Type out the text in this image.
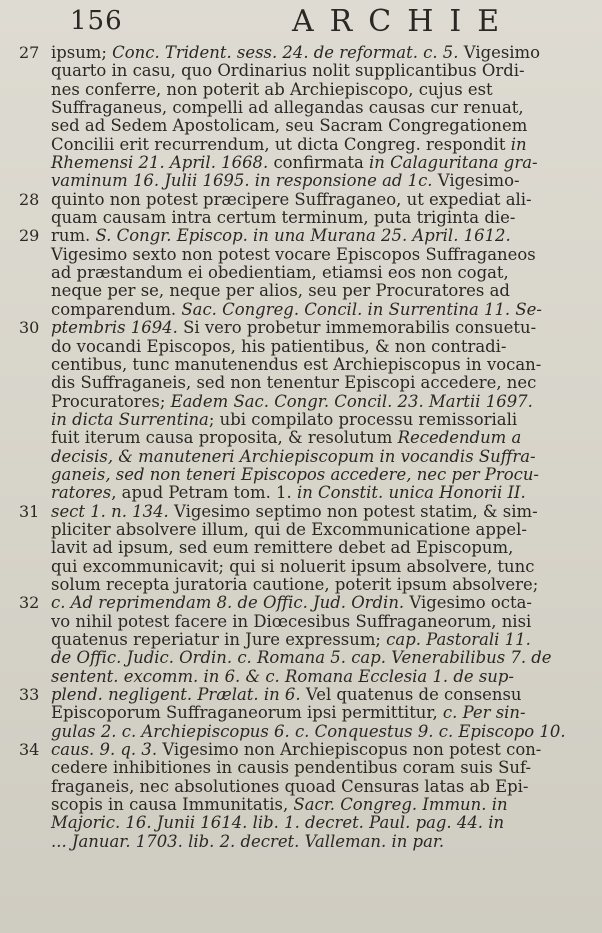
156	ARCHIE
27 ipsum; Conc. Trident. sess. 24. de reformat. c. 5. Vigesimo
quarto in casu, quo Ordinarius nolit supplicantibus Ordi-
nes conferre, non poterit ab Archiepiscopo, cujus est
Suffraganeus, compelli ad allegandas causas cur renuat,
sed ad Sedem Apostolicam, seu Sacram Congregationem
Concilii erit recurrendum, ut dicta Congreg. respondit in
Rhemensi 21. April. 1668. confirmata in Calaguritana gra-
vaminum 16. Julii 1695. in responsione ad 1c. Vigesimo-
28 quinto non potest præcipere Suffraganeo, ut expediat ali-
quam causam intra certum terminum, puta triginta die-
29 rum. S. Congr. Episcop. in una Murana 25. April. 1612.
Vigesimo sexto non potest vocare Episcopos Suffraganeos
ad præstandum ei obedientiam, etiamsi eos non cogat,
neque per se, neque per alios, seu per Procuratores ad
comparendum. Sac. Congreg. Concil. in Surrentina 11. Se-
30 ptembris 1694. Si vero probetur immemorabilis consuetu-
do vocandi Episcopos, his patientibus, & non contradi-
centibus, tunc manutenendus est Archiepiscopus in vocan-
dis Suffraganeis, sed non tenentur Episcopi accedere, nec
Procuratores; Eadem Sac. Congr. Concil. 23. Martii 1697.
in dicta Surrentina; ubi compilato processu remissoriali
fuit iterum causa proposita, & resolutum Recedendum a
decisis, & manuteneri Archiepiscopum in vocandis Suffra-
ganeis, sed non teneri Episcopos accedere, nec per Procu-
ratores, apud Petram tom. 1. in Constit. unica Honorii II.
31 sect 1. n. 134. Vigesimo septimo non potest statim, & sim-
pliciter absolvere illum, qui de Excommunicatione appel-
lavit ad ipsum, sed eum remittere debet ad Episcopum,
qui excommunicavit; qui si noluerit ipsum absolvere, tunc
solum recepta juratoria cautione, poterit ipsum absolvere;
32 c. Ad reprimendam 8. de Offic. Jud. Ordin. Vigesimo octa-
vo nihil potest facere in Diœcesibus Suffraganeorum, nisi
quatenus reperiatur in Jure expressum; cap. Pastorali 11.
de Offic. Judic. Ordin. c. Romana 5. cap. Venerabilibus 7. de
sentent. excomm. in 6. & c. Romana Ecclesia 1. de sup-
33 plend. negligent. Prælat. in 6. Vel quatenus de consensu
Episcoporum Suffraganeorum ipsi permittitur, c. Per sin-
gulas 2. c. Archiepiscopus 6. c. Conquestus 9. c. Episcopo 10.
34 caus. 9. q. 3. Vigesimo non Archiepiscopus non potest con-
cedere inhibitiones in causis pendentibus coram suis Suf-
fraganeis, nec absolutiones quoad Censuras latas ab Epi-
scopis in causa Immunitatis, Sacr. Congreg. Immun. in
Majoric. 16. Junii 1614. lib. 1. decret. Paul. pag. 44. in
... Januar. 1703. lib. 2. decret. Valleman. in par.
